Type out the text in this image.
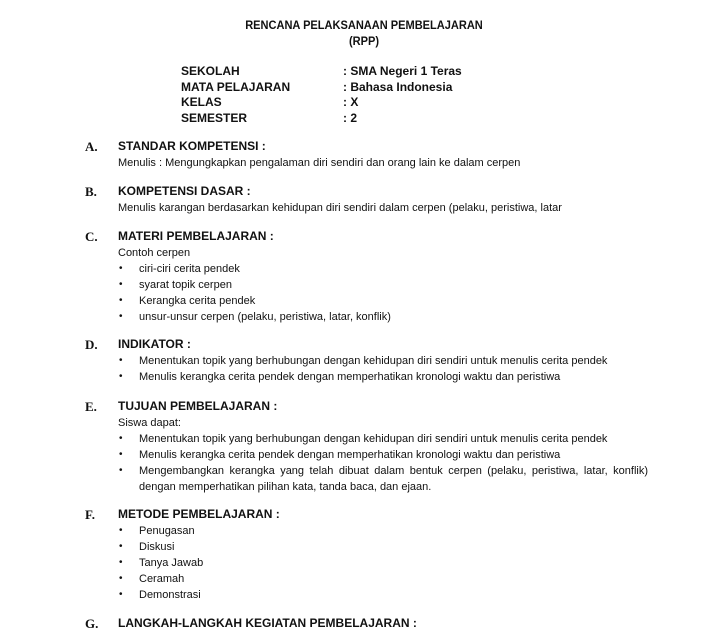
RENCANA PELAKSANAAN PEMBELAJARAN
(RPP)
SEKOLAH	: SMA Negeri 1 Teras
MATA PELAJARAN	: Bahasa Indonesia
KELAS	: X
SEMESTER	: 2
A. STANDAR KOMPETENSI :
Menulis : Mengungkapkan pengalaman diri sendiri dan orang lain ke dalam cerpen
B. KOMPETENSI DASAR :
Menulis karangan berdasarkan kehidupan diri sendiri dalam cerpen (pelaku, peristiwa, latar
C. MATERI PEMBELAJARAN :
Contoh cerpen
• ciri-ciri cerita pendek
• syarat topik cerpen
• Kerangka cerita pendek
• unsur-unsur cerpen (pelaku, peristiwa, latar, konflik)
D. INDIKATOR :
• Menentukan topik yang berhubungan dengan kehidupan diri sendiri untuk menulis cerita pendek
• Menulis kerangka cerita pendek dengan memperhatikan kronologi waktu dan peristiwa
E. TUJUAN PEMBELAJARAN :
Siswa dapat:
• Menentukan topik yang berhubungan dengan kehidupan diri sendiri untuk menulis cerita pendek
• Menulis kerangka cerita pendek dengan memperhatikan kronologi waktu dan peristiwa
• Mengembangkan kerangka yang telah dibuat dalam bentuk cerpen (pelaku, peristiwa, latar, konflik) dengan memperhatikan pilihan kata, tanda baca, dan ejaan.
F. METODE PEMBELAJARAN :
• Penugasan
• Diskusi
• Tanya Jawab
• Ceramah
• Demonstrasi
G. LANGKAH-LANGKAH KEGIATAN PEMBELAJARAN :
